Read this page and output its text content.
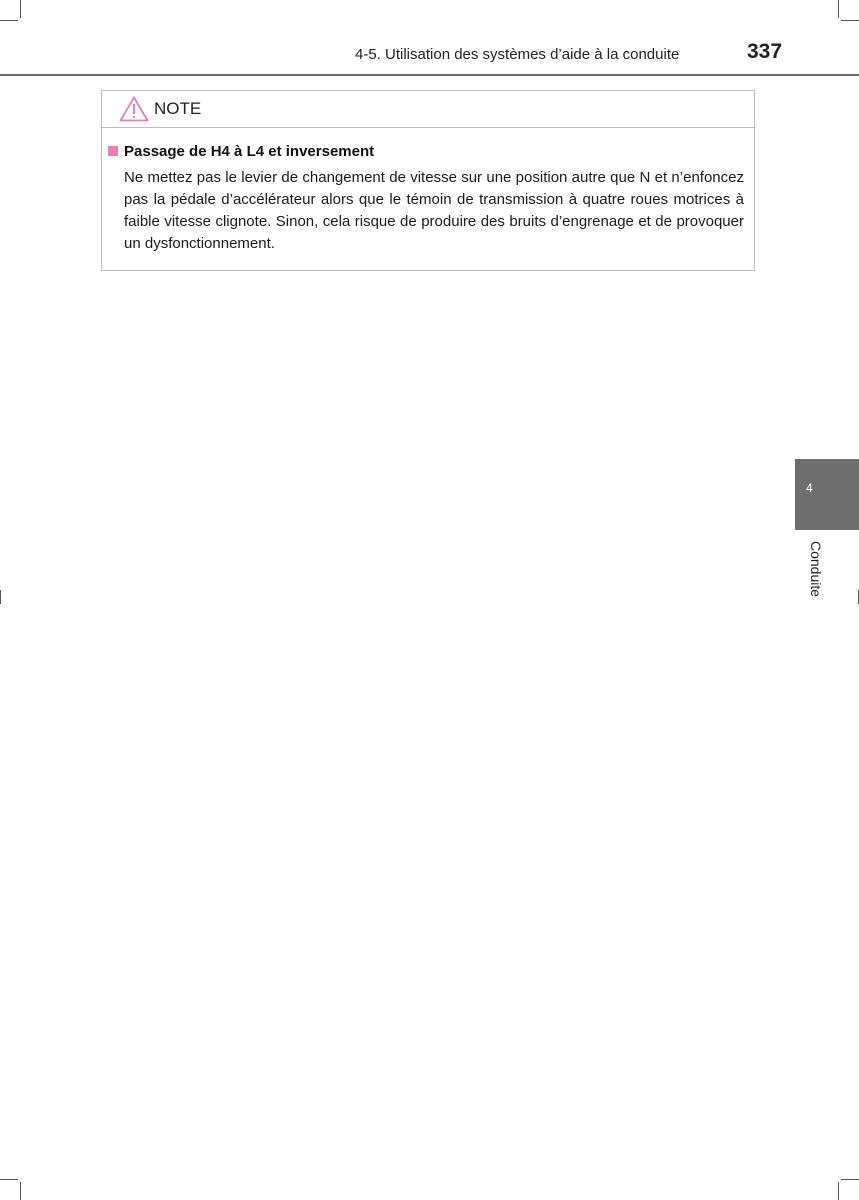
4-5. Utilisation des systèmes d’aide à la conduite	337
NOTE
Passage de H4 à L4 et inversement
Ne mettez pas le levier de changement de vitesse sur une position autre que N et n’enfoncez pas la pédale d’accélérateur alors que le témoin de transmission à quatre roues motrices à faible vitesse clignote. Sinon, cela risque de produire des bruits d’engrenage et de provoquer un dysfonctionnement.
4
Conduite
